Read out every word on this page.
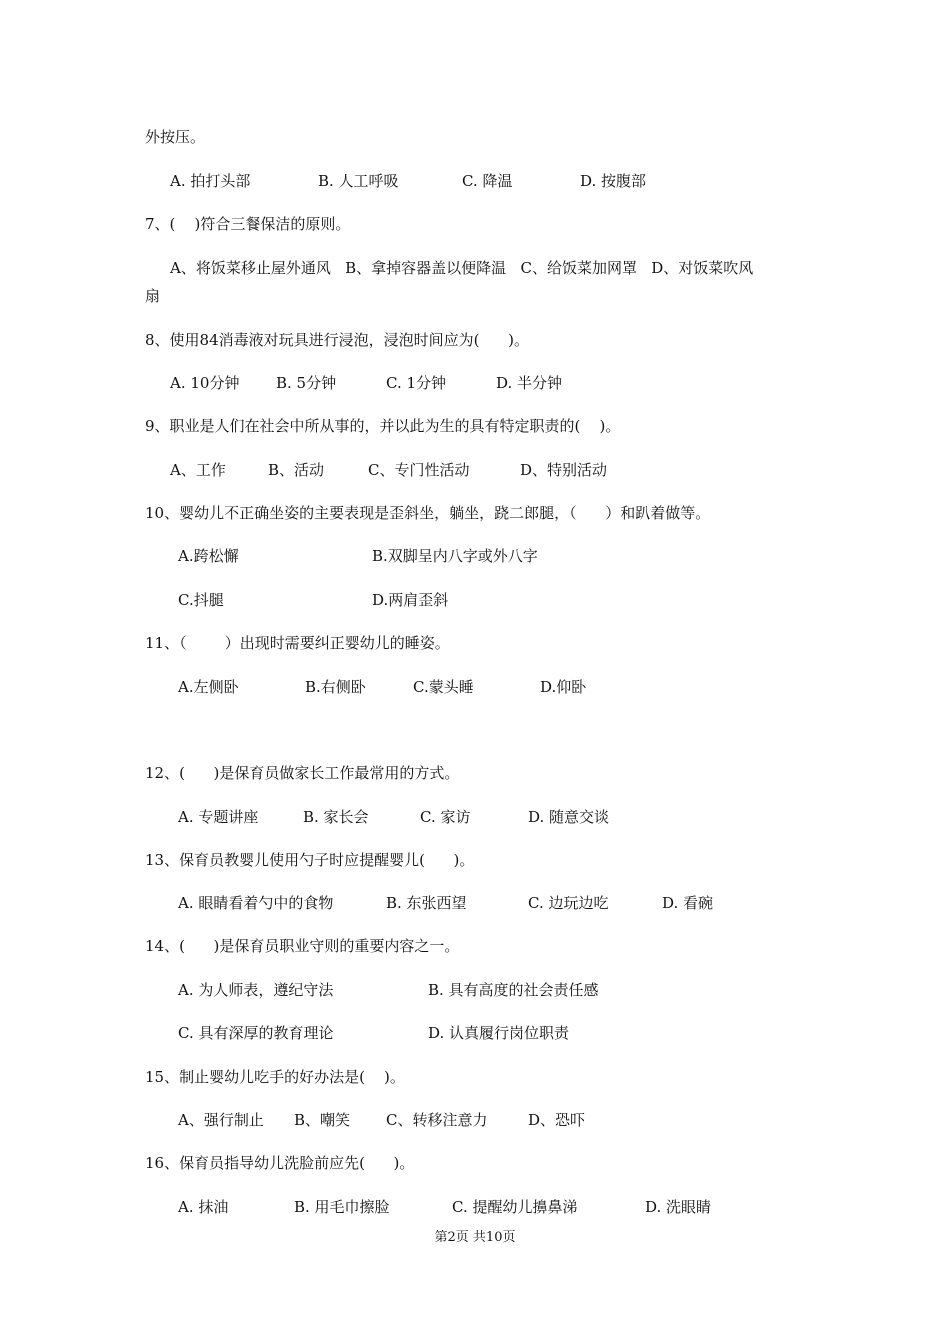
外按压。
A. 拍打头部	B. 人工呼吸	C. 降温	D. 按腹部
7、(    )符合三餐保洁的原则。
A、将饭菜移止屋外通风   B、拿掉容器盖以便降温   C、给饭菜加网罩   D、对饭菜吹风
扇
8、使用84消毒液对玩具进行浸泡，浸泡时间应为(      )。
A. 10分钟 B. 5分钟	C. 1分钟	D. 半分钟
9、职业是人们在社会中所从事的，并以此为生的具有特定职责的(    )。
A、工作	B、活动	C、专门性活动	D、特别活动
10、婴幼儿不正确坐姿的主要表现是歪斜坐，躺坐，跷二郎腿，（      ）和趴着做等。
A.跨松懈	B.双脚呈内八字或外八字
C.抖腿	D.两肩歪斜
11、（        ）出现时需要纠正婴幼儿的睡姿。
A.左侧卧	B.右侧卧	C.蒙头睡	D.仰卧
12、(      )是保育员做家长工作最常用的方式。
A. 专题讲座	B. 家长会	C. 家访	D. 随意交谈
13、保育员教婴儿使用勺子时应提醒婴儿(      )。
A. 眼睛看着勺中的食物	B. 东张西望	C. 边玩边吃	D. 看碗
14、(      )是保育员职业守则的重要内容之一。
A. 为人师表，遵纪守法	B. 具有高度的社会责任感
C. 具有深厚的教育理论	D. 认真履行岗位职责
15、制止婴幼儿吃手的好办法是(    )。
A、强行制止 B、嘲笑 C、转移注意力	D、恐吓
16、保育员指导幼儿洗脸前应先(      )。
A. 抹油	B. 用毛巾擦脸	C. 提醒幼儿擤鼻涕	D. 洗眼睛
第2页 共10页
